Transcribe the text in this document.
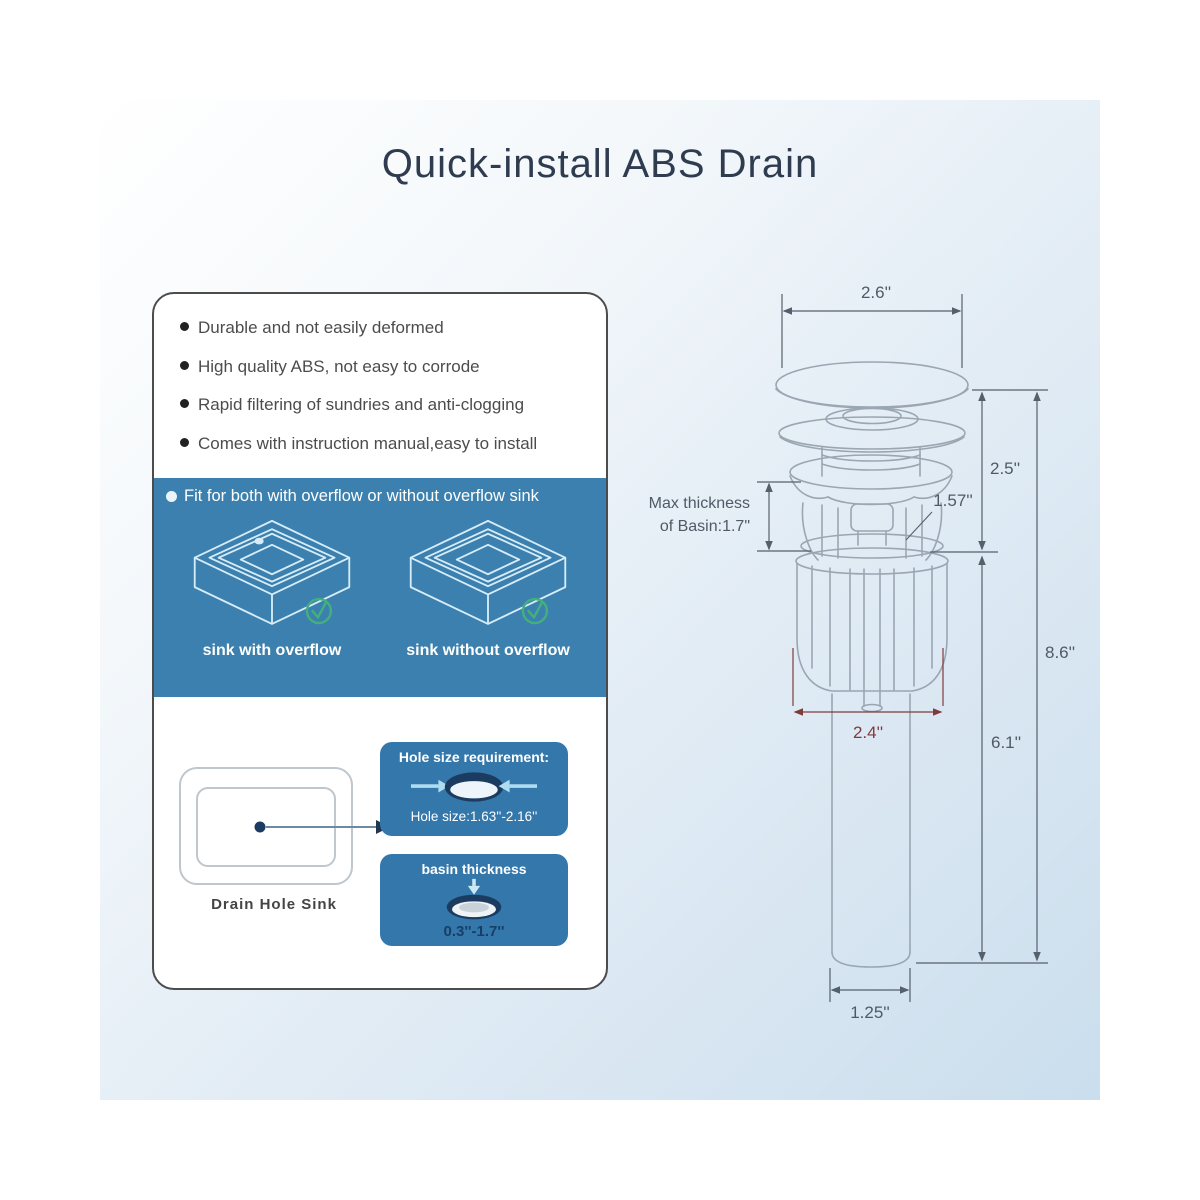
Quick-install ABS Drain
Durable and not easily deformed
High quality ABS, not easy to corrode
Rapid filtering of sundries and anti-clogging
Comes with instruction manual,easy to install
Fit for both with overflow or without overflow sink
sink with overflow	sink without overflow
Drain Hole Sink
Hole size requirement:
Hole size:1.63''-2.16''
basin thickness
0.3''-1.7''
2.6''
2.5''
1.57''
Max thickness
of Basin:1.7"
2.4''
6.1''
8.6''
1.25''
